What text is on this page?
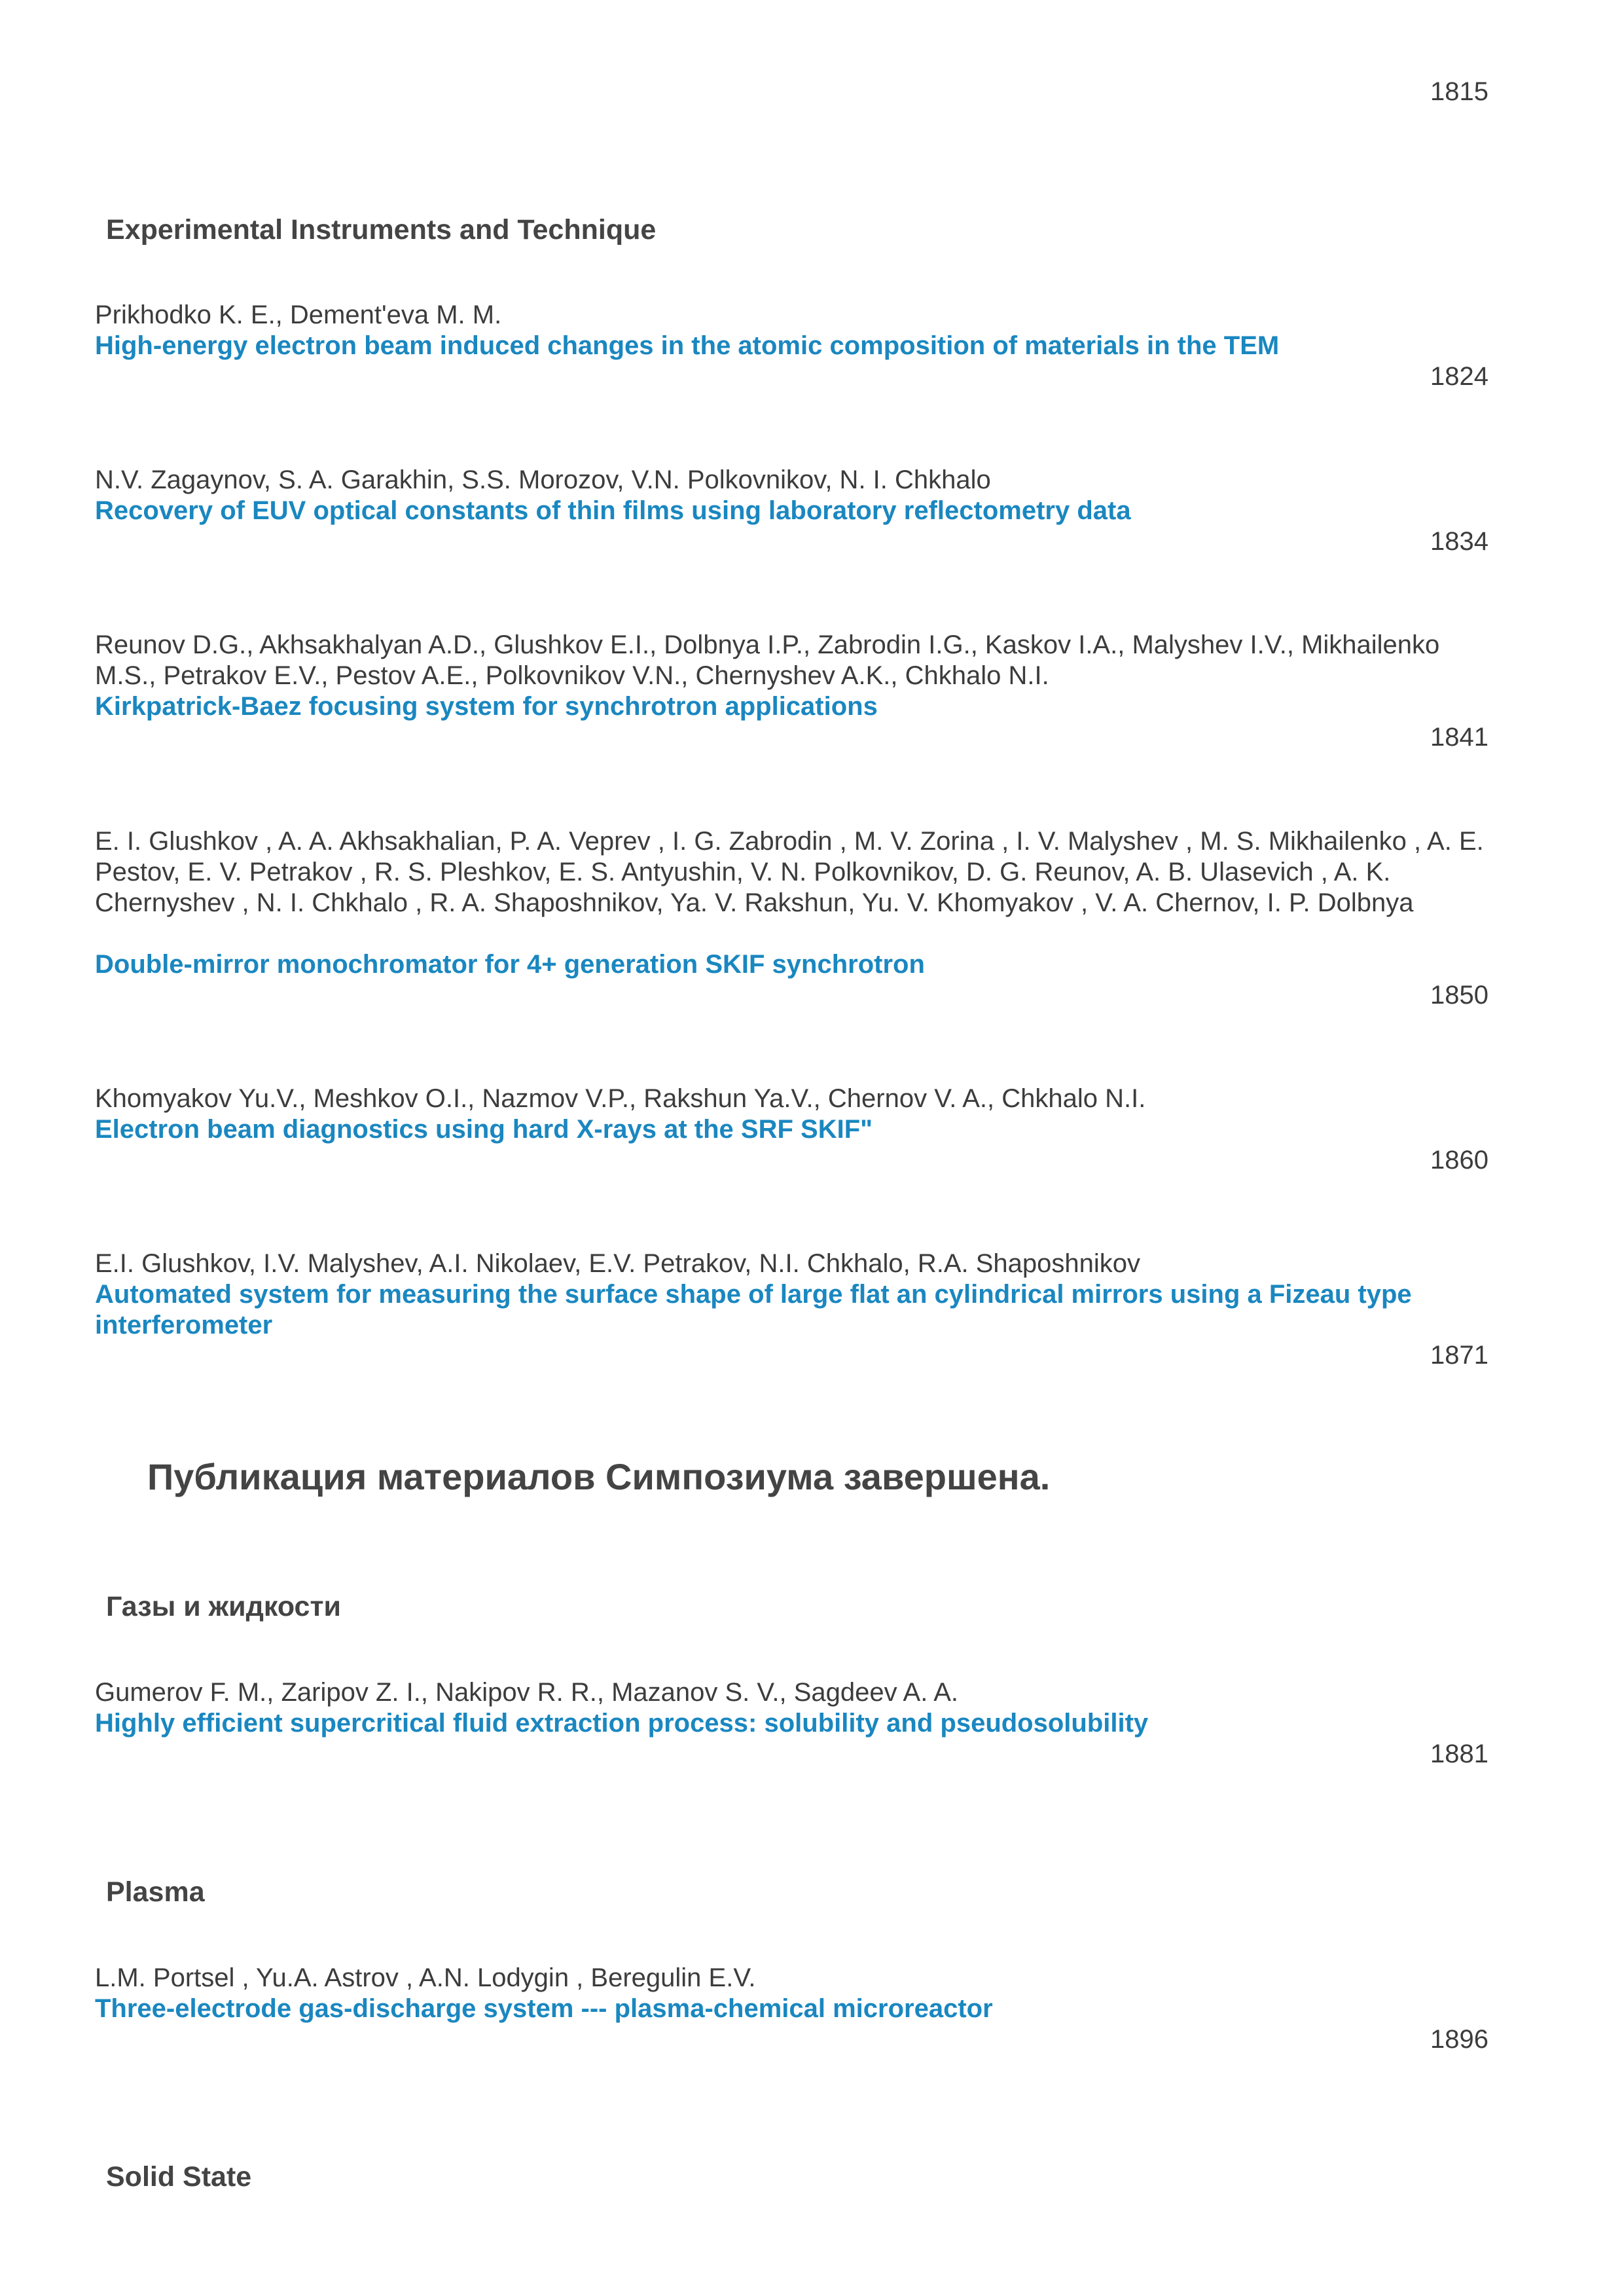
1815
Experimental Instruments and Technique
Prikhodko K. E., Dement'eva M. M.
High-energy electron beam induced changes in the atomic composition of materials in the TEM
1824
N.V. Zagaynov, S. A. Garakhin, S.S. Morozov, V.N. Polkovnikov, N. I. Chkhalo
Recovery of EUV optical constants of thin films using laboratory reflectometry data
1834
Reunov D.G., Akhsakhalyan A.D., Glushkov E.I., Dolbnya I.P., Zabrodin I.G., Kaskov I.A., Malyshev I.V., Mikhailenko M.S., Petrakov E.V., Pestov A.E., Polkovnikov V.N., Chernyshev A.K., Chkhalo N.I.
Kirkpatrick-Baez focusing system for synchrotron applications
1841
E. I. Glushkov , A. A. Akhsakhalian, P. A. Veprev , I. G. Zabrodin , M. V. Zorina , I. V. Malyshev , M. S. Mikhailenko , A. E. Pestov, E. V. Petrakov , R. S. Pleshkov, E. S. Antyushin, V. N. Polkovnikov, D. G. Reunov, A. B. Ulasevich , A. K. Chernyshev , N. I. Chkhalo , R. A. Shaposhnikov, Ya. V. Rakshun, Yu. V. Khomyakov , V. A. Chernov, I. P. Dolbnya
Double-mirror monochromator for 4+ generation SKIF synchrotron
1850
Khomyakov Yu.V., Meshkov O.I., Nazmov V.P., Rakshun Ya.V., Chernov V. A., Chkhalo N.I.
Electron beam diagnostics using hard X-rays at the SRF SKIF"
1860
E.I. Glushkov, I.V. Malyshev, A.I. Nikolaev, E.V. Petrakov, N.I. Chkhalo, R.A. Shaposhnikov
Automated system for measuring the surface shape of large flat an cylindrical mirrors using a Fizeau type interferometer
1871
Публикация материалов Симпозиума завершена.
Газы и жидкости
Gumerov F. M., Zaripov Z. I., Nakipov R. R., Mazanov S. V., Sagdeev A. A.
Highly efficient supercritical fluid extraction process: solubility and pseudosolubility
1881
Plasma
L.M. Portsel , Yu.A. Astrov , A.N. Lodygin , Beregulin E.V.
Three-electrode gas-discharge system --- plasma-chemical microreactor
1896
Solid State
